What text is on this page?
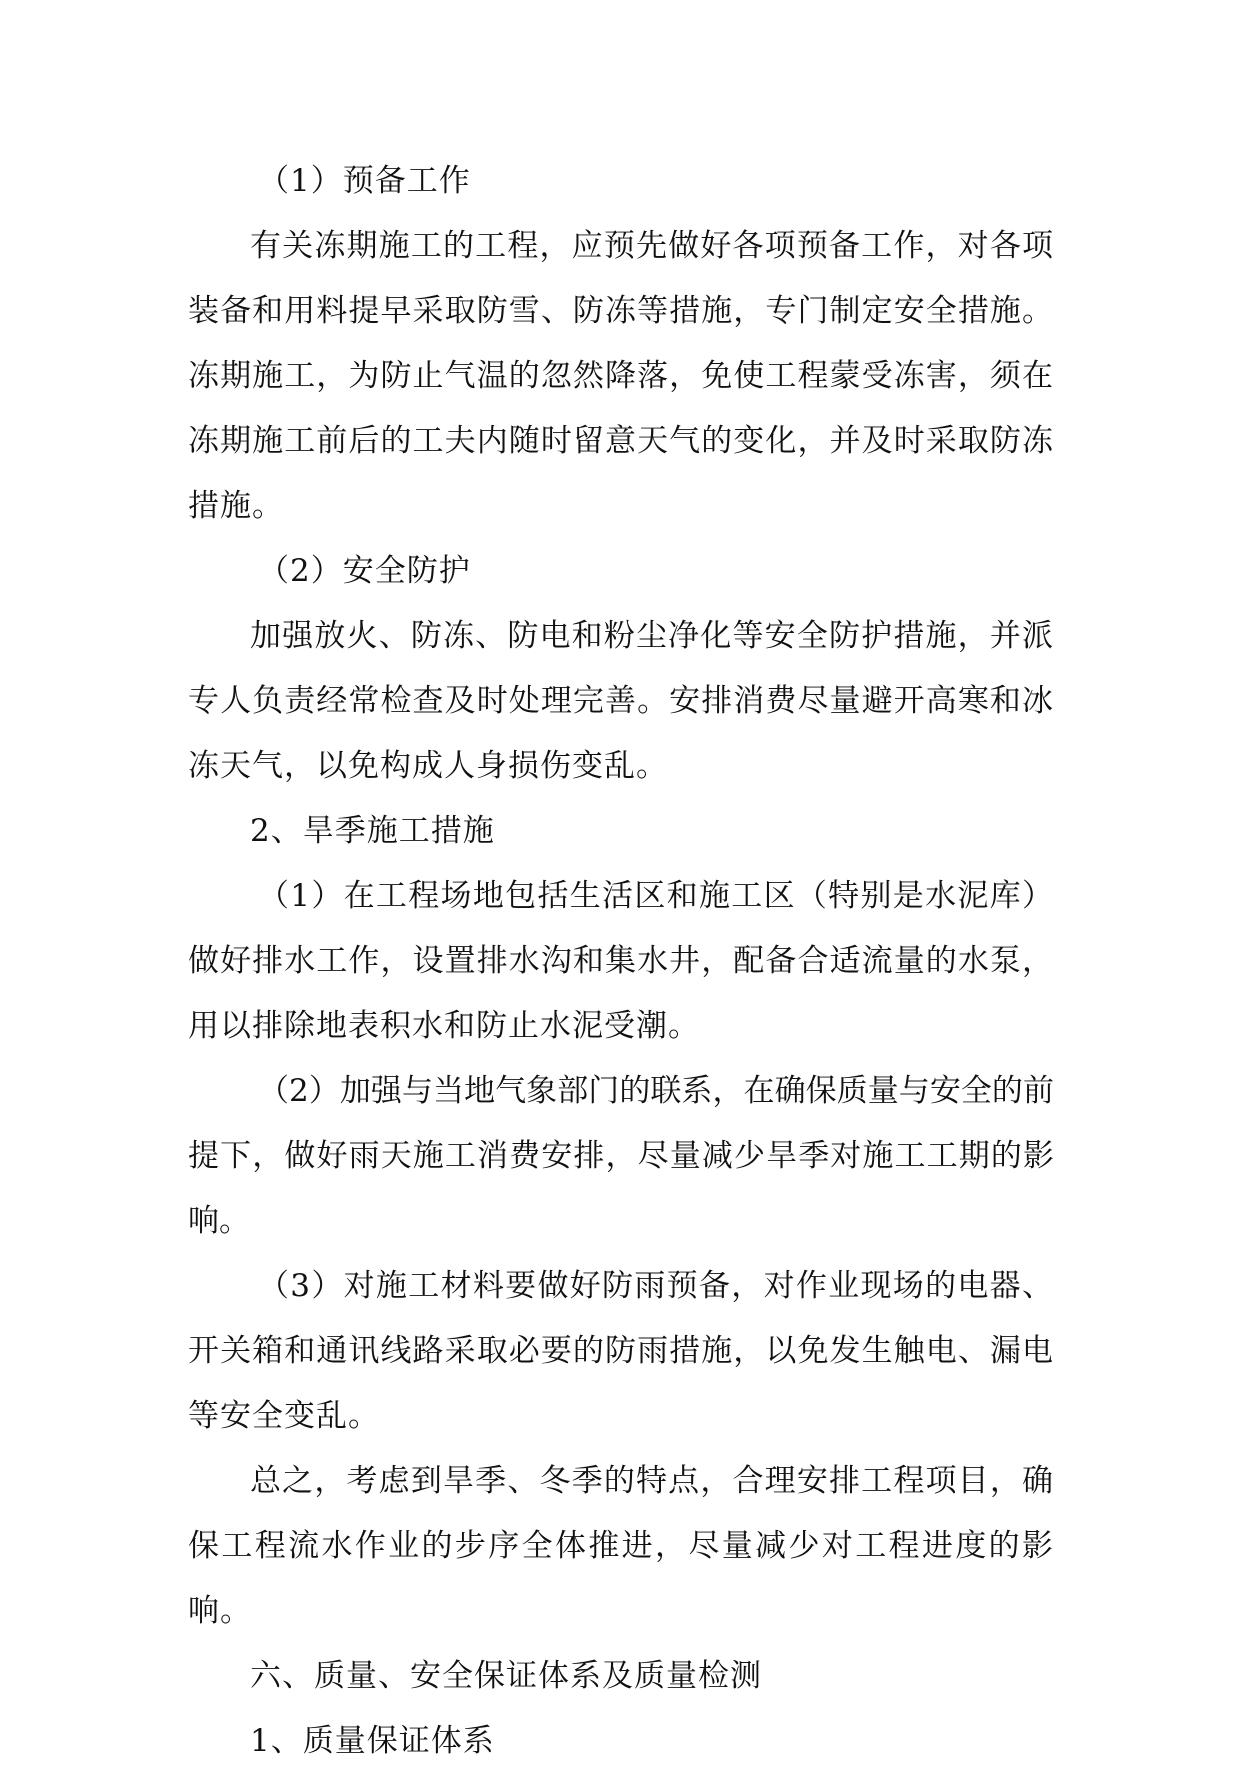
（1）预备工作

有关冻期施工的工程，应预先做好各项预备工作，对各项装备和用料提早采取防雪、防冻等措施，专门制定安全措施。冻期施工，为防止气温的忽然降落，免使工程蒙受冻害，须在冻期施工前后的工夫内随时留意天气的变化，并及时采取防冻措施。

（2）安全防护

加强放火、防冻、防电和粉尘净化等安全防护措施，并派专人负责经常检查及时处理完善。安排消费尽量避开高寒和冰冻天气，以免构成人身损伤变乱。

2、旱季施工措施

（1）在工程场地包括生活区和施工区（特别是水泥库）做好排水工作，设置排水沟和集水井，配备合适流量的水泵，用以排除地表积水和防止水泥受潮。

（2）加强与当地气象部门的联系，在确保质量与安全的前提下，做好雨天施工消费安排，尽量减少旱季对施工工期的影响。

（3）对施工材料要做好防雨预备，对作业现场的电器、开关箱和通讯线路采取必要的防雨措施，以免发生触电、漏电等安全变乱。

总之，考虑到旱季、冬季的特点，合理安排工程项目，确保工程流水作业的步序全体推进，尽量减少对工程进度的影响。

六、质量、安全保证体系及质量检测

1、质量保证体系
